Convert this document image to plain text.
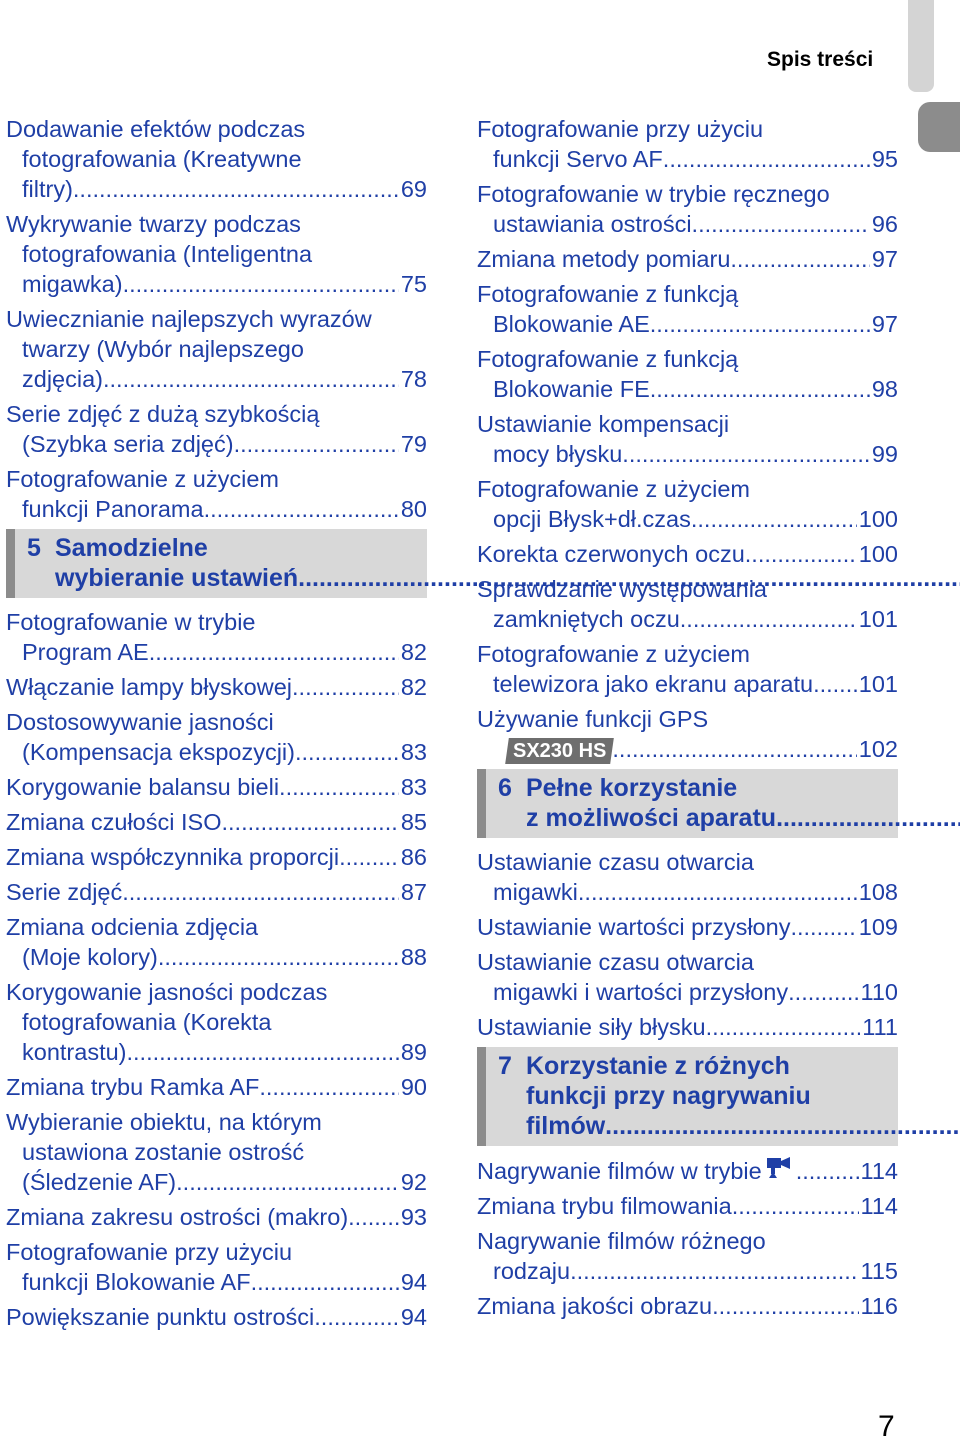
Spis treści
Dodawanie efektów podczas
fotografowania (Kreatywne
filtry) .....	69
Wykrywanie twarzy podczas
fotografowania (Inteligentna
migawka) .....	75
Uwiecznianie najlepszych wyrazów
twarzy (Wybór najlepszego
zdjęcia) .....	78
Serie zdjęć z dużą szybkością
(Szybka seria zdjęć) .....	79
Fotografowanie z użyciem
funkcji Panorama .....	80
5 Samodzielne
wybieranie ustawień
.....
Fotografowanie w trybie
Program AE .....	82
Włączanie lampy błyskowej .....	82
Dostosowywanie jasności
(Kompensacja ekspozycji) .....	83
Korygowanie balansu bieli .....	83
Zmiana czułości ISO .....	85
Zmiana współczynnika proporcji .....	86
Serie zdjęć .....	87
Zmiana odcienia zdjęcia
(Moje kolory) .....	88
Korygowanie jasności podczas
fotografowania (Korekta
kontrastu) .....	89
Zmiana trybu Ramka AF .....	90
Wybieranie obiektu, na którym
ustawiona zostanie ostrość
(Śledzenie AF) .....	92
Zmiana zakresu ostrości (makro) ..... 93
Fotografowanie przy użyciu
funkcji Blokowanie AF .....	94
Powiększanie punktu ostrości .....	94
Fotografowanie przy użyciu
funkcji Servo AF .....	95
Fotografowanie w trybie ręcznego
ustawiania ostrości .....	96
Zmiana metody pomiaru .....	97
Fotografowanie z funkcją
Blokowanie AE .....	97
Fotografowanie z funkcją
Blokowanie FE .....	98
Ustawianie kompensacji
mocy błysku .....	99
Fotografowanie z użyciem
opcji Błysk+dł.czas .....	100
Korekta czerwonych oczu .....	100
Sprawdzanie występowania
zamkniętych oczu .....	101
Fotografowanie z użyciem
telewizora jako ekranu aparatu ..... 101
Używanie funkcji GPS
SX230 HS .....	102
6 Pełne korzystanie
z możliwości aparatu
.....
Ustawianie czasu otwarcia
migawki .....	108
Ustawianie wartości przysłony .....	109
Ustawianie czasu otwarcia
migawki i wartości przysłony .....	110
Ustawianie siły błysku .....	111
7 Korzystanie z różnych
funkcji przy nagrywaniu
filmów
.....
Nagrywanie filmów w trybie .....	114
Zmiana trybu filmowania .....	114
Nagrywanie filmów różnego
rodzaju .....	115
Zmiana jakości obrazu .....	116
7
